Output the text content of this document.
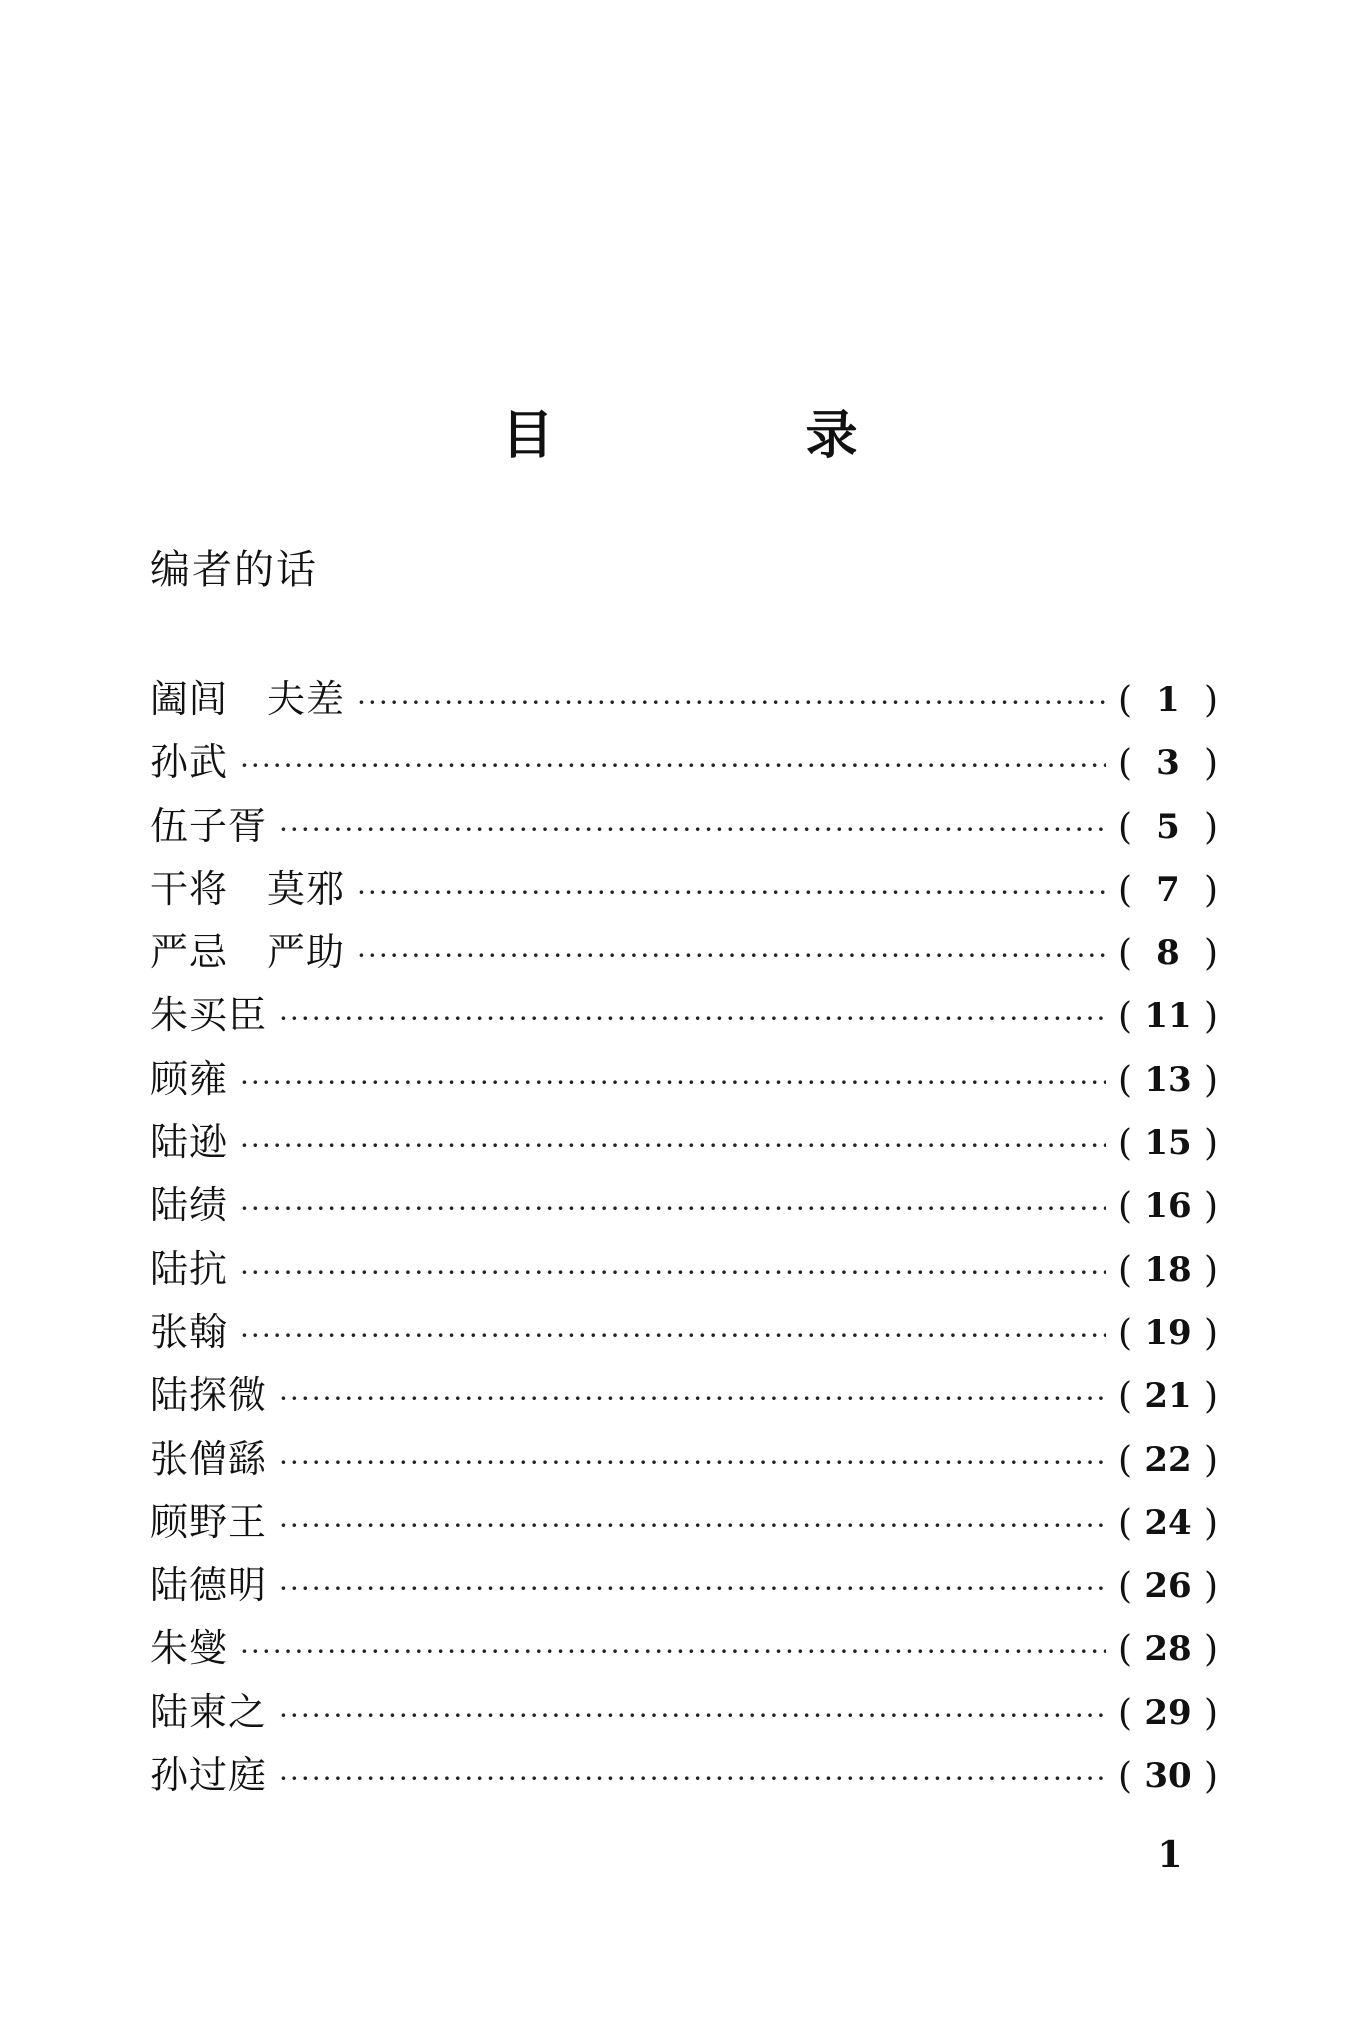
目　录
编者的话
阖闾　夫差 ·····	( 1 )
孙武 ·····	( 3 )
伍子胥 ·····	( 5 )
干将　莫邪 ·····	( 7 )
严忌　严助 ·····	( 8 )
朱买臣 ·····	( 11 )
顾雍 ·····	( 13 )
陆逊 ·····	( 15 )
陆绩 ·····	( 16 )
陆抗 ·····	( 18 )
张翰 ·····	( 19 )
陆探微 ·····	( 21 )
张僧繇 ·····	( 22 )
顾野王 ·····	( 24 )
陆德明 ·····	( 26 )
朱燮 ·····	( 28 )
陆柬之 ·····	( 29 )
孙过庭 ·····	( 30 )
1
